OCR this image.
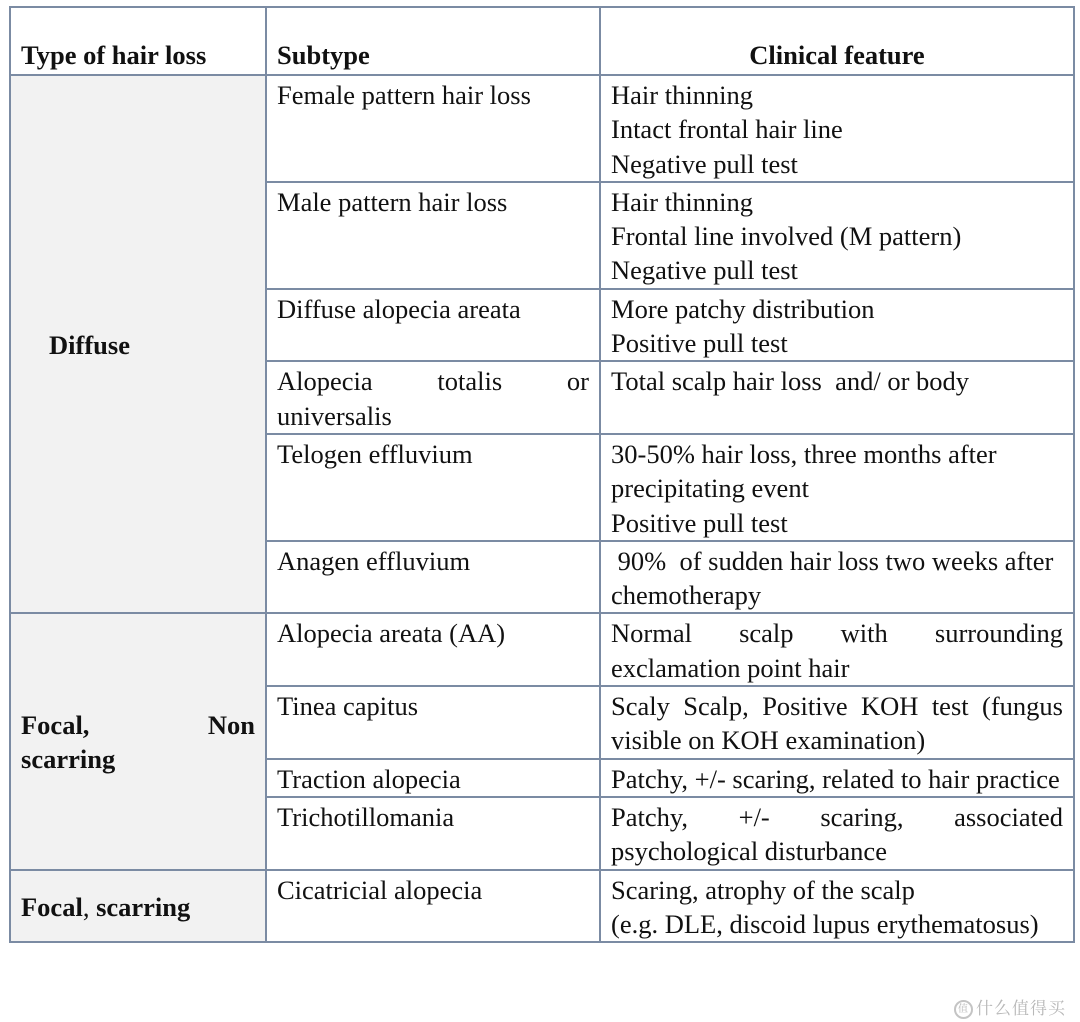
Type of hair loss	Subtype	Clinical feature
Diffuse	Female pattern hair loss	Hair thinning
Intact frontal hair line
Negative pull test

	Male pattern hair loss	Hair thinning
Frontal line involved (M pattern)
Negative pull test

	Diffuse alopecia areata	More patchy distribution
Positive pull test

	Alopecia totalis or universalis	Total scalp hair loss  and/ or body

	Telogen effluvium	30-50% hair loss, three months after precipitating event
Positive pull test

	Anagen effluvium	90%  of sudden hair loss two weeks after chemotherapy

Focal, Non
scarring	Alopecia areata (AA)	Normal scalp with surrounding exclamation point hair
	Tinea capitus	Scaly Scalp, Positive KOH test (fungus visible on KOH examination)
	Traction alopecia	Patchy, +/- scaring, related to hair practice
	Trichotillomania	Patchy, +/- scaring, associated psychological disturbance
Focal, scarring	Cicatricial alopecia	Scaring, atrophy of the scalp
(e.g. DLE, discoid lupus erythematosus)
值 什么值得买
